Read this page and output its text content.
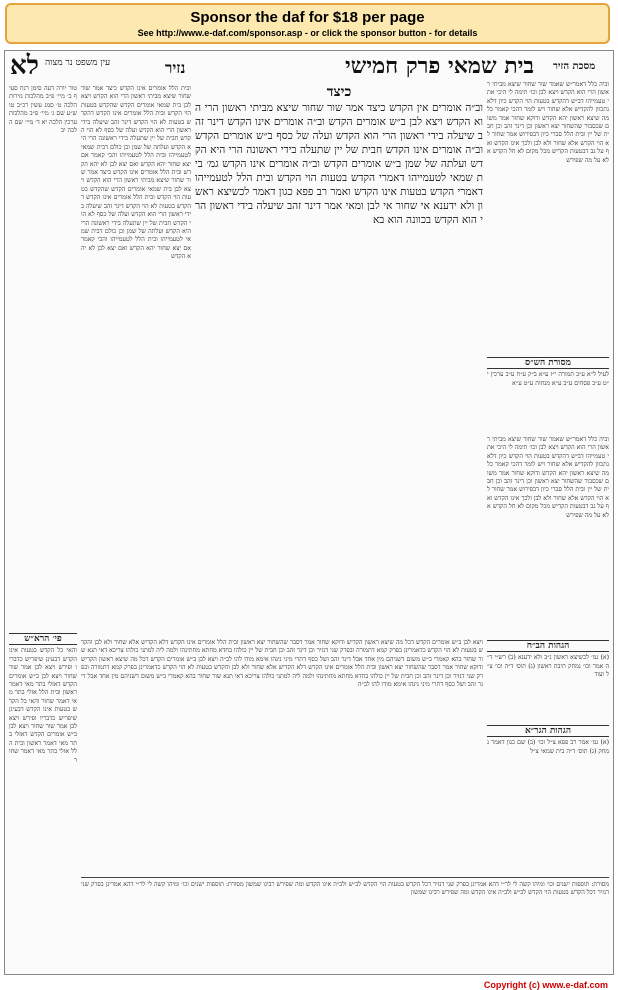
Sponsor the daf for $18 per page
See http://www.e-daf.com/sponsor.asp - or click the sponsor button - for details
מסכת הזיר
בית שמאי פרק חמישי
נזיר
לא עין משפט נר מצוה
וביה כלל דאמר״ש שאמר שור שחור שיצא מביתי ראשון הרי הוא הקדש ויצא לבן וכו׳ תימה לי היכי אתי טעמייהו דב״ש דהקדש בטעות הוי הקדש כיון דלא נתכוון להקדיש אלא שחור ויש לומר דהכי קאמר כל מה שיצא ראשון יהא הקדש ודוקא שחור אמר משום שכסבור שהשחור יצא ראשון וכן דינר זהב וכן חבית של יין ובית הלל סברי כיון דבפירוש אמר שחור לא הוי הקדש אלא שחור ולא לבן ולכך אינו הקדש ואף על גב דבטעות הקדיש מכל מקום לא חל הקדש אלא על מה שפירש
מסורת הש״ס
לעיל ל״א ע״ב תמורה י״ז ע״א ב״ק ע״ח ע״ב ערכין י״ט ע״ב פסחים ע״ב ע״א מנחות ע״ט ע״א
וביה כלל דאמר״ש שאמר שור שחור שיצא מביתי ראשון הרי הוא הקדש ויצא לבן וכו׳ תימה לי היכי אתי טעמייהו דב״ש דהקדש בטעות הוי הקדש כיון דלא נתכוון להקדיש אלא שחור ויש לומר דהכי קאמר כל מה שיצא ראשון יהא הקדש ודוקא שחור אמר משום שכסבור שהשחור יצא ראשון וכן דינר זהב וכן חבית של יין ובית הלל סברי כיון דבפירוש אמר שחור לא הוי הקדש אלא שחור ולא לבן ולכך אינו הקדש ואף על גב דבטעות הקדיש מכל מקום לא חל הקדש אלא על מה שפירש
הגהות הב״ח
(א) גמ׳ לכשיצא ראשון נ״ב ולא ידענא (ב) רש״י ד״ה אמר וכו׳ נמחק תיבת ראשון (ג) תוס׳ ד״ה וכו׳ צ״ל ועוד
הגהות הגר״א
(א) גמ׳ אמר רב פפא צ״ל וכו׳ (ב) שם כגון דאמר נמחק (ג) תוס׳ ד״ה בית שמאי צ״ל
כיצד
וב״ה אומרים אין הקדש כיצד אמר שור שחור שיצא מביתי ראשון הרי הוא הקדש ויצא לבן ב״ש אומרים הקדש וב״ה אומרים אינו הקדש דינר זהב שיעלה בידי ראשון הרי הוא הקדש ועלה של כסף ב״ש אומרים הקדש וב״ה אומרים אינו הקדש חבית של יין שתעלה בידי ראשונה הרי היא הקדש ועלתה של שמן ב״ש אומרים הקדש וב״ה אומרים אינו הקדש גמ׳ בית שמאי לטעמייהו דאמרי הקדש בטעות הוי הקדש ובית הלל לטעמייהו דאמרי הקדש בטעות אינו הקדש ואמר רב פפא כגון דאמר לכשיצא ראשון ולא ידענא אי שחור אי לבן ומאי אמר דינר זהב שיעלה בידי ראשון הרי הוא הקדש בכוונה הוא בא
ובית הלל אומרים אינו הקדש כיצד אמר שור שחור שיצא מביתי ראשון הרי הוא הקדש ויצא לבן בית שמאי אומרים הקדש שהקדש בטעות הוי הקדש ובית הלל אומרים אינו הקדש דהקדש בטעות לא הוי הקדש דינר זהב שיעלה בידי ראשון הרי הוא הקדש ועלה של כסף לא הוי הקדש חבית של יין שתעלה בידי ראשונה הרי היא הקדש ועלתה של שמן וכן כולם דבית שמאי לטעמייהו ובית הלל לטעמייהו והכי קאמר אם יצא שחור יהא הקדש ואם יצא לבן לא יהא הקדש ובית הלל אומרים אינו הקדש כיצד אמר שור שחור שיצא מביתי ראשון הרי הוא הקדש ויצא לבן בית שמאי אומרים הקדש שהקדש בטעות הוי הקדש ובית הלל אומרים אינו הקדש דהקדש בטעות לא הוי הקדש דינר זהב שיעלה בידי ראשון הרי הוא הקדש ועלה של כסף לא הוי הקדש חבית של יין שתעלה בידי ראשונה הרי היא הקדש ועלתה של שמן וכן כולם דבית שמאי לטעמייהו ובית הלל לטעמייהו והכי קאמר אם יצא שחור יהא הקדש ואם יצא לבן לא יהא הקדש
טור יורה דעה סימן רנח סעיף ב׳ מיי׳ פ״ב מהלכות נזירות הלכה ט׳ סמג עשין רכ״ב טוש״ע שם ג׳ מיי׳ פ״ב מהלכות ערכין הלכה יא ד׳ מיי׳ שם הלכה יב
פי׳ הרא״ש
והאי כל הקדש בטעות אינו הקדש דבעינן שיפריש כדבריו ופירש ויצא לבן אמר שור שחור ויצא לבן ב״ש אומרים הקדש דאזלי בתר מאי דאמר ראשון ובית הלל אזלי בתר מאי דאמר שחור והאי כל הקדש בטעות אינו הקדש דבעינן שיפריש כדבריו ופירש ויצא לבן אמר שור שחור ויצא לבן ב״ש אומרים הקדש דאזלי בתר מאי דאמר ראשון ובית הלל אזלי בתר מאי דאמר שחור
ויצא לבן ב״ש אומרים הקדש דכל מה שיצא ראשון הקדיש ודוקא שחור אמר דסבר שהשחור יצא ראשון ובית הלל אומרים אינו הקדש דלא הקדיש אלא שחור ולא לבן והקדש בטעות לא הוי הקדש כדאמרינן בפרק קמא דתמורה ובפרק שני דנזיר וכן דינר זהב וכן חבית של יין כולהו בחדא מחתא מחתינהו ולמה ליה למתני כולהו צריכא דאי תנא שור שחור בהא קאמרי ב״ש משום דשניהם מין אחד אבל דינר זהב ושל כסף דתרי מיני נינהו אימא מודו להו לב״ה ויצא לבן ב״ש אומרים הקדש דכל מה שיצא ראשון הקדיש ודוקא שחור אמר דסבר שהשחור יצא ראשון ובית הלל אומרים אינו הקדש דלא הקדיש אלא שחור ולא לבן והקדש בטעות לא הוי הקדש כדאמרינן בפרק קמא דתמורה ובפרק שני דנזיר וכן דינר זהב וכן חבית של יין כולהו בחדא מחתא מחתינהו ולמה ליה למתני כולהו צריכא דאי תנא שור שחור בהא קאמרי ב״ש משום דשניהם מין אחד אבל דינר זהב ושל כסף דתרי מיני נינהו אימא מודו להו לב״ה
מסורת: תוספות ישנים וכו׳ ומיהו קשה לי לר״י דהא אמרינן בפרק שני דנזיר דכל הקדש בטעות הוי הקדש לב״ש ולב״ה אינו הקדש ומה שפירש רבינו שמשון מסורת: תוספות ישנים וכו׳ ומיהו קשה לי לר״י דהא אמרינן בפרק שני דנזיר דכל הקדש בטעות הוי הקדש לב״ש ולב״ה אינו הקדש ומה שפירש רבינו שמשון
Copyright (c) www.e-daf.com
